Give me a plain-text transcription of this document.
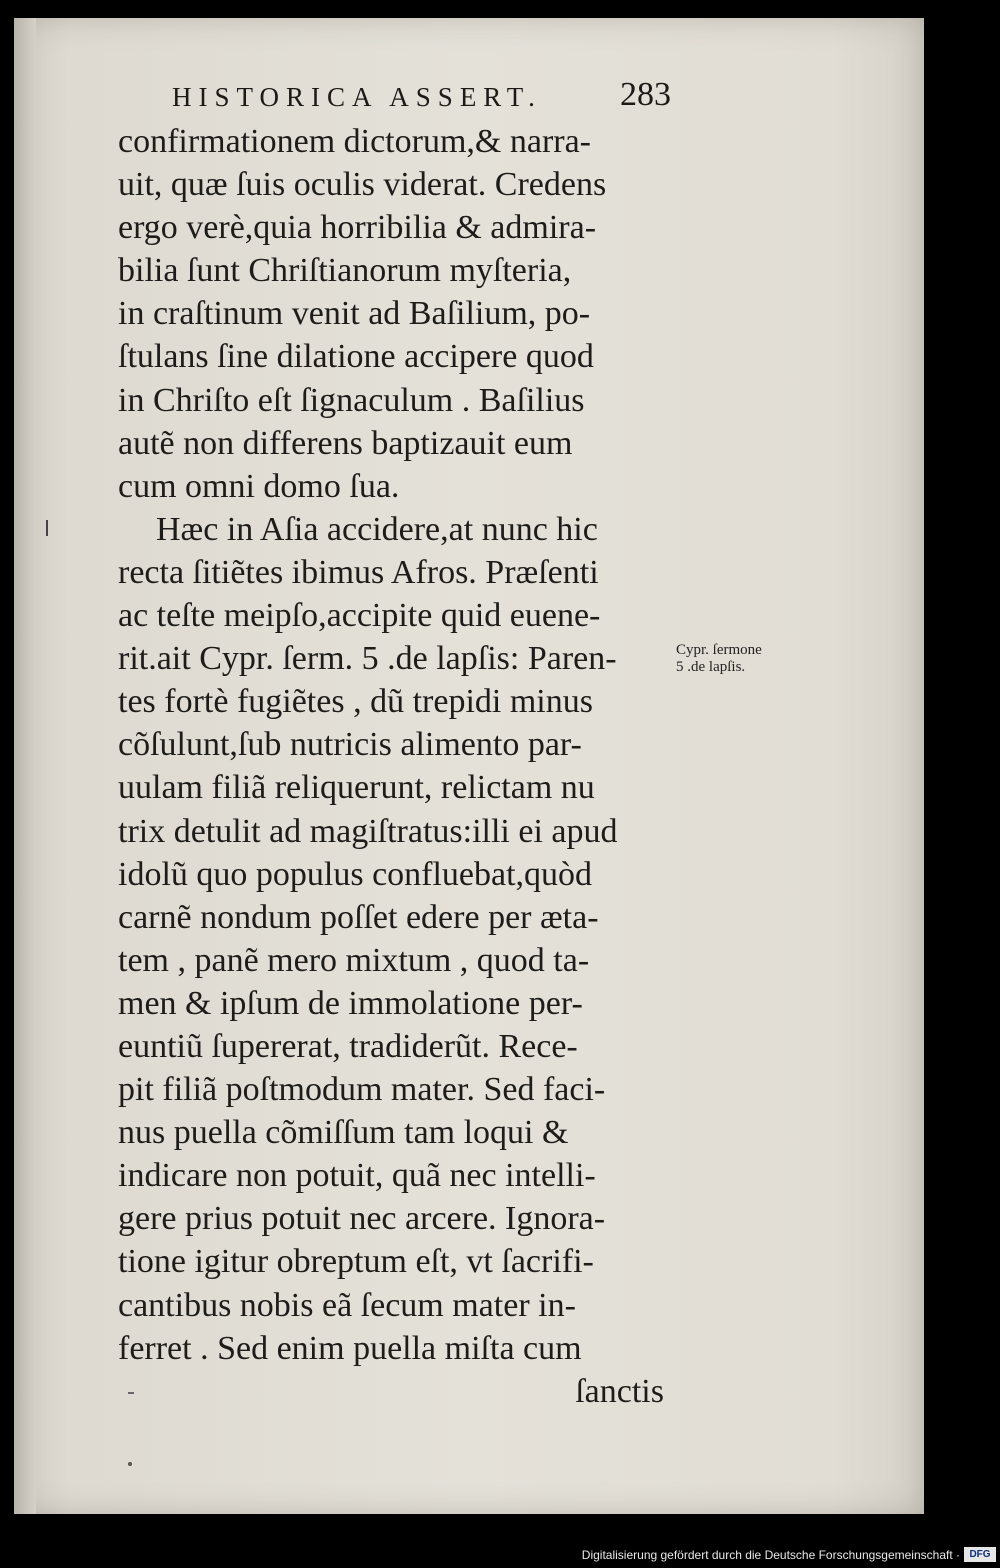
HISTORICA ASSERT. 283
confirmationem dictorum,& narra-
uit, quæ ſuis oculis viderat. Credens
ergo verè,quia horribilia & admira-
bilia ſunt Chriſtianorum myſteria,
in craſtinum venit ad Baſilium, po-
ſtulans ſine dilatione accipere quod
in Chriſto eſt ſignaculum . Baſilius
autẽ non differens baptizauit eum
cum omni domo ſua.
Hæc in Aſia accidere,at nunc hic
recta ſitiẽtes ibimus Afros. Præſenti
ac teſte meipſo,accipite quid euene-
rit.ait Cypr. ſerm. 5 .de lapſis: Paren-
tes fortè fugiẽtes , dũ trepidi minus
cõſulunt,ſub nutricis alimento par-
uulam filiã reliquerunt, relictam nu
trix detulit ad magiſtratus:illi ei apud
idolũ quo populus confluebat,quòd
carnẽ nondum poſſet edere per æta-
tem , panẽ mero mixtum , quod ta-
men & ipſum de immolatione per-
euntiũ ſupererat, tradiderũt. Rece-
pit filiã poſtmodum mater. Sed faci-
nus puella cõmiſſum tam loqui &
indicare non potuit, quã nec intelli-
gere prius potuit nec arcere. Ignora-
tione igitur obreptum eſt, vt ſacrifi-
cantibus nobis eã ſecum mater in-
ferret . Sed enim puella miſta cum
ſanctis
Cypr. ſermone
5 .de lapſis.
Digitalisierung gefördert durch die Deutsche Forschungsgemeinschaft · DFG
